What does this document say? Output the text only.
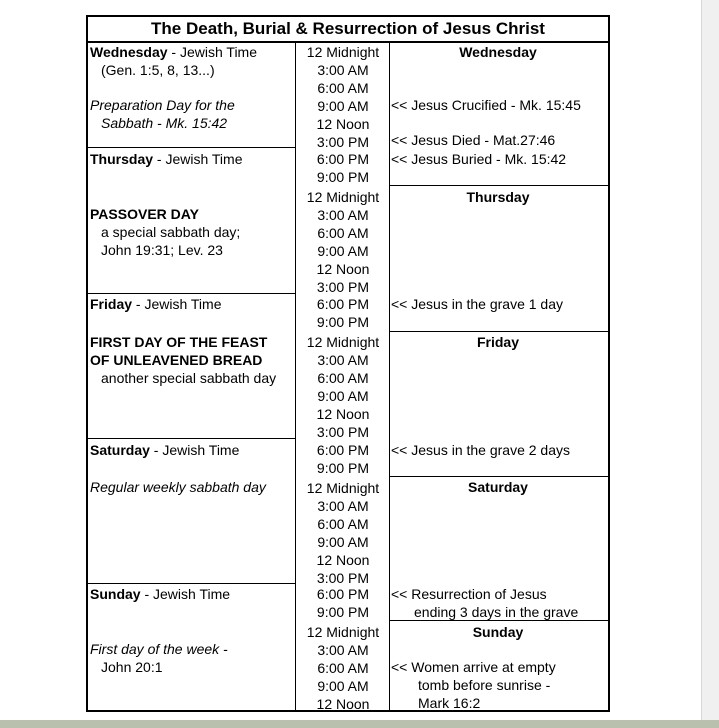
The Death, Burial & Resurrection of Jesus Christ
Wednesday - Jewish Time
(Gen. 1:5, 8, 13...)
Preparation Day for the
Sabbath - Mk. 15:42
12 Midnight
3:00 AM
6:00 AM
9:00 AM
12 Noon
3:00 PM
Wednesday
<< Jesus Crucified - Mk. 15:45
<< Jesus Died - Mat.27:46
Thursday - Jewish Time
PASSOVER DAY
a special sabbath day;
John 19:31; Lev. 23
6:00 PM
9:00 PM
12 Midnight
3:00 AM
6:00 AM
9:00 AM
12 Noon
3:00 PM
<< Jesus Buried - Mk. 15:42
Thursday
Friday - Jewish Time
FIRST DAY OF THE FEAST
OF UNLEAVENED BREAD
another special sabbath day
6:00 PM
9:00 PM
12 Midnight
3:00 AM
6:00 AM
9:00 AM
12 Noon
3:00 PM
<< Jesus in the grave 1 day
Friday
Saturday - Jewish Time
Regular weekly sabbath day
6:00 PM
9:00 PM
12 Midnight
3:00 AM
6:00 AM
9:00 AM
12 Noon
3:00 PM
<< Jesus in the grave 2 days
Saturday
Sunday - Jewish Time
First day of the week -
John 20:1
6:00 PM
9:00 PM
12 Midnight
3:00 AM
6:00 AM
9:00 AM
12 Noon
<< Resurrection of Jesus
ending 3 days in the grave
Sunday
<< Women arrive at empty
tomb before sunrise -
Mark 16:2
